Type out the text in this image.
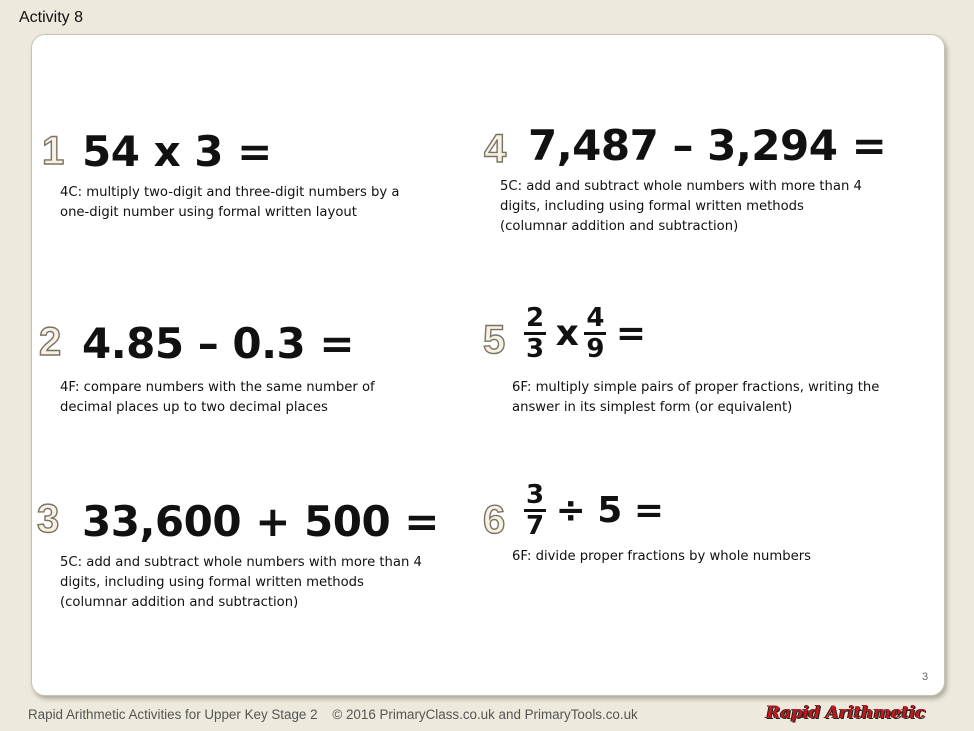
Activity 8
1 54 x 3 =
4C: multiply two-digit and three-digit numbers by a one-digit number using formal written layout
2 4.85 – 0.3 =
4F: compare numbers with the same number of decimal places up to two decimal places
3 33,600 + 500 =
5C: add and subtract whole numbers with more than 4 digits, including using formal written methods (columnar addition and subtraction)
4 7,487 – 3,294 =
5C: add and subtract whole numbers with more than 4 digits, including using formal written methods (columnar addition and subtraction)
$5 \frac{2}{3}$ x $\frac{4}{9}$ =
6F: multiply simple pairs of proper fractions, writing the answer in its simplest form (or equivalent)
$6 \frac{3}{7} \div 5$ =
6F: divide proper fractions by whole numbers
3
Rapid Arithmetic Activities for Upper Key Stage 2    © 2016 PrimaryClass.co.uk and PrimaryTools.co.uk	Rapid Arithmetic
